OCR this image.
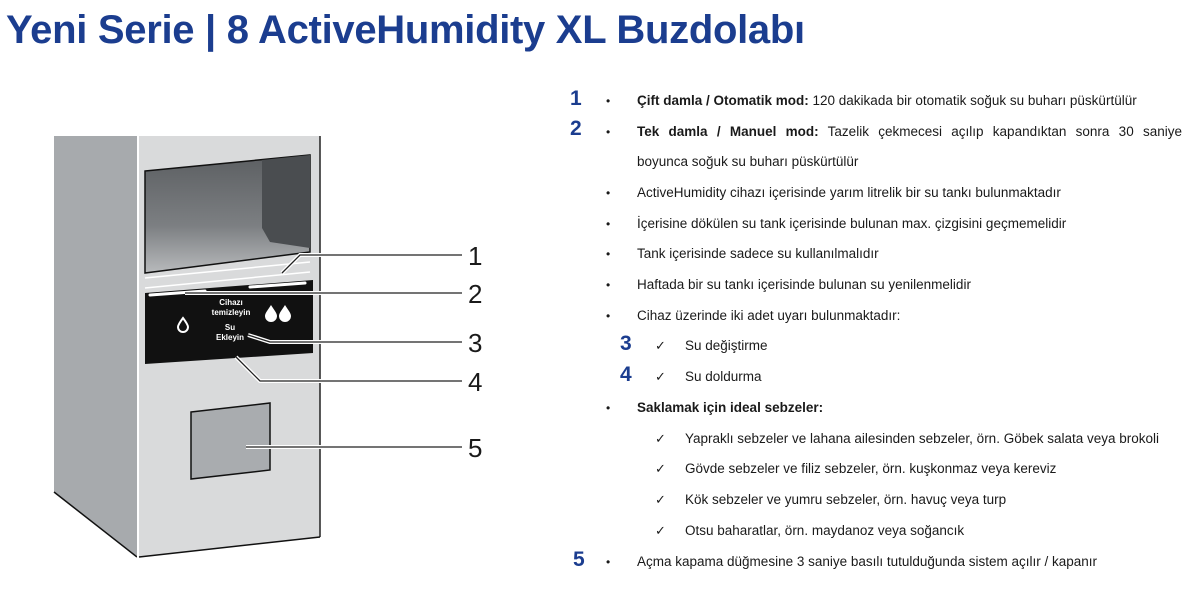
Yeni Serie | 8 ActiveHumidity XL Buzdolabı
Cihazı
temizleyin
Su
Ekleyin
1
2
3
4
5
1 • Çift damla / Otomatik mod: 120 dakikada bir otomatik soğuk su buharı püskürtülür
2 • Tek damla / Manuel mod: Tazelik çekmecesi açılıp kapandıktan sonra 30 saniye
boyunca soğuk su buharı püskürtülür
• ActiveHumidity cihazı içerisinde yarım litrelik bir su tankı bulunmaktadır
• İçerisine dökülen su tank içerisinde bulunan max. çizgisini geçmemelidir
• Tank içerisinde sadece su kullanılmalıdır
• Haftada bir su tankı içerisinde bulunan su yenilenmelidir
• Cihaz üzerinde iki adet uyarı bulunmaktadır:
3 ✓ Su değiştirme
4 ✓ Su doldurma
• Saklamak için ideal sebzeler:
✓ Yapraklı sebzeler ve lahana ailesinden sebzeler, örn. Göbek salata veya brokoli
✓ Gövde sebzeler ve filiz sebzeler, örn. kuşkonmaz veya kereviz
✓ Kök sebzeler ve yumru sebzeler, örn. havuç veya turp
✓ Otsu baharatlar, örn. maydanoz veya soğancık
5 • Açma kapama düğmesine 3 saniye basılı tutulduğunda sistem açılır / kapanır
